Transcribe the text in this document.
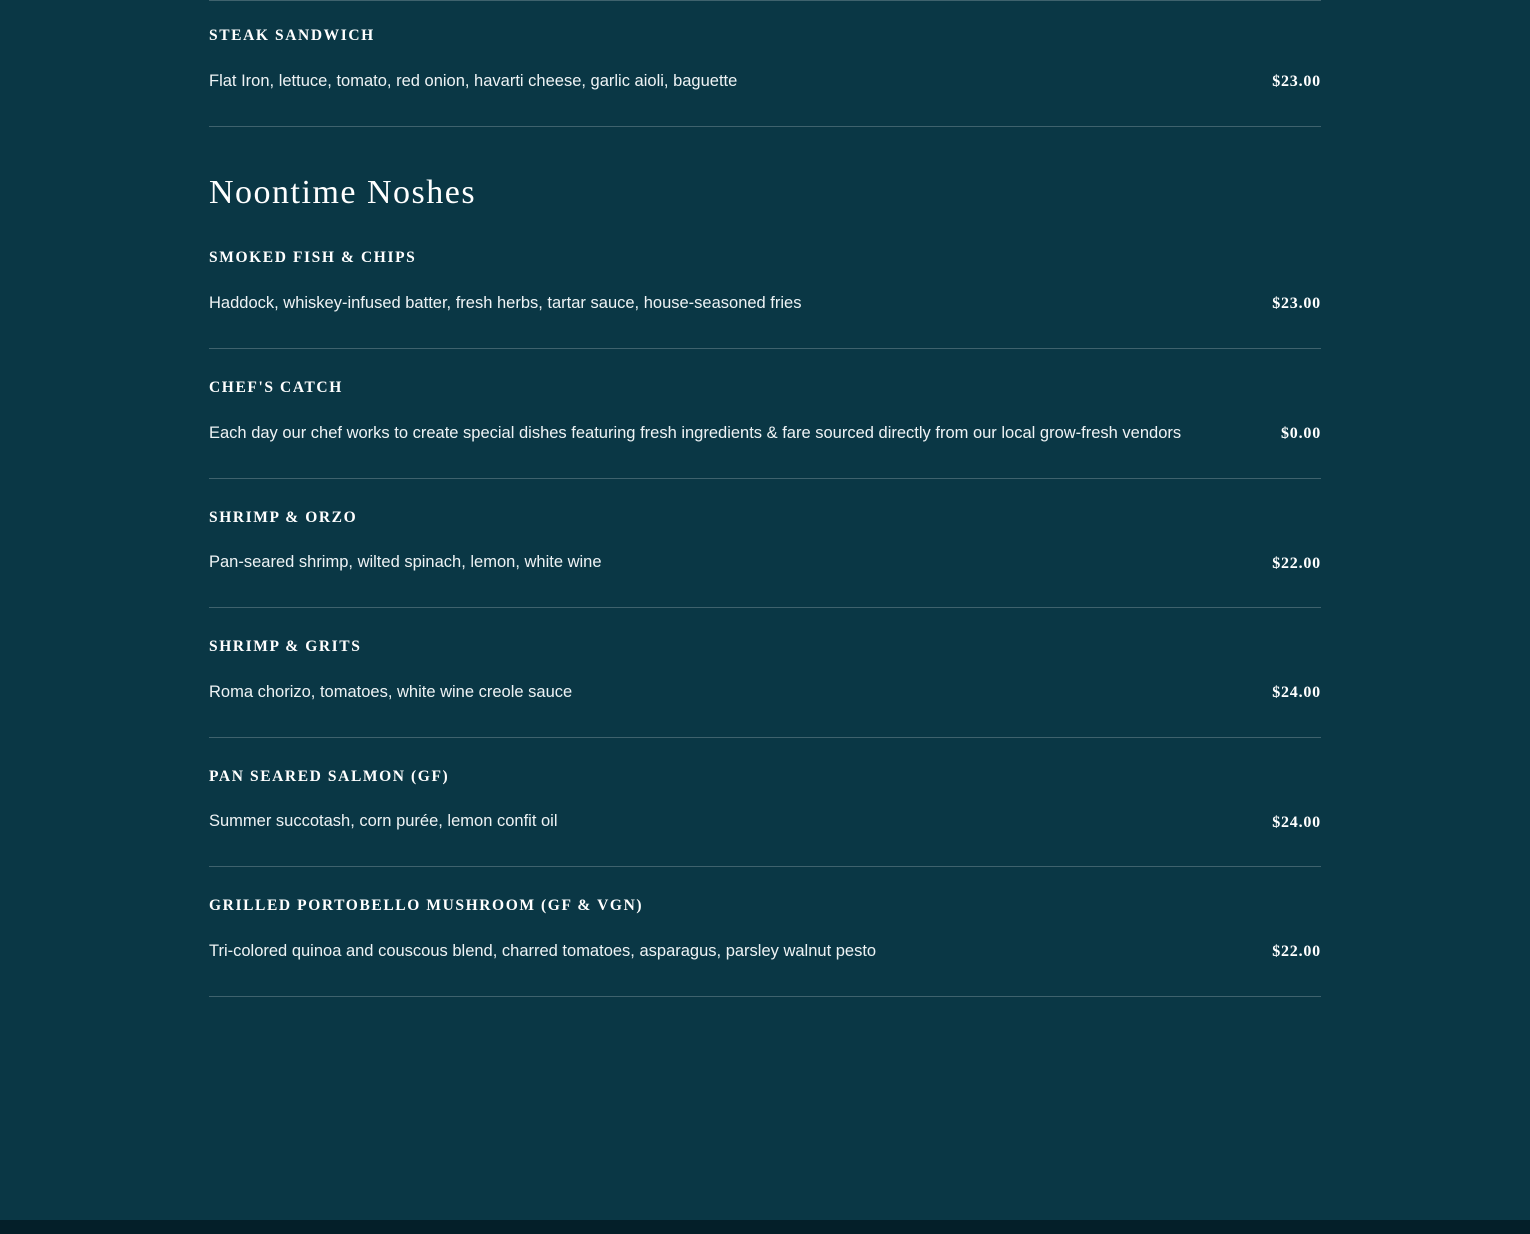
STEAK SANDWICH

Flat Iron, lettuce, tomato, red onion, havarti cheese, garlic aioli, baguette	$23.00
Noontime Noshes
SMOKED FISH & CHIPS

Haddock, whiskey-infused batter, fresh herbs, tartar sauce, house-seasoned fries	$23.00
CHEF'S CATCH

Each day our chef works to create special dishes featuring fresh ingredients & fare sourced directly from our local grow-fresh vendors	$0.00
SHRIMP & ORZO

Pan-seared shrimp, wilted spinach, lemon, white wine	$22.00
SHRIMP & GRITS

Roma chorizo, tomatoes, white wine creole sauce	$24.00
PAN SEARED SALMON (GF)

Summer succotash, corn purée, lemon confit oil	$24.00
GRILLED PORTOBELLO MUSHROOM (GF & VGN)

Tri-colored quinoa and couscous blend, charred tomatoes, asparagus, parsley walnut pesto	$22.00
